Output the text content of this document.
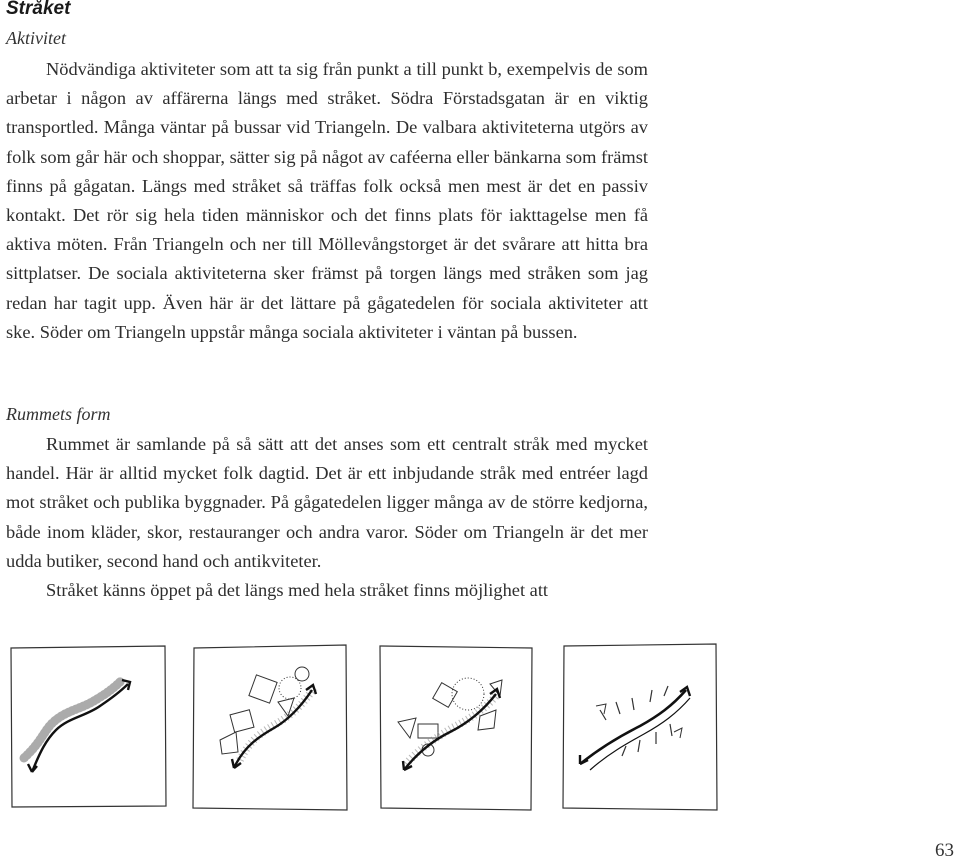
Stråket
Aktivitet

Nödvändiga aktiviteter som att ta sig från punkt a till punkt b, exempelvis de som arbetar i någon av affärerna längs med stråket. Södra Förstadsgatan är en viktig transportled. Många väntar på bussar vid Triangeln. De valbara aktiviteterna utgörs av folk som går här och shoppar, sätter sig på något av caféerna eller bänkarna som främst finns på gågatan. Längs med stråket så träffas folk också men mest är det en passiv kontakt. Det rör sig hela tiden människor och det finns plats för iakttagelse men få aktiva möten. Från Triangeln och ner till Möllevångstorget är det svårare att hitta bra sittplatser. De sociala aktiviteterna sker främst på torgen längs med stråken som jag redan har tagit upp. Även här är det lättare på gågatedelen för sociala aktiviteter att ske. Söder om Triangeln uppstår många sociala aktiviteter i väntan på bussen.

Rummets form

Rummet är samlande på så sätt att det anses som ett centralt stråk med mycket handel. Här är alltid mycket folk dagtid. Det är ett inbjudande stråk med entréer lagd mot stråket och publika byggnader. På gågatedelen ligger många av de större kedjorna, både inom kläder, skor, restauranger och andra varor. Söder om Triangeln är det mer udda butiker, second hand och antikviteter.

Stråket känns öppet på det längs med hela stråket finns möjlighet att

63
